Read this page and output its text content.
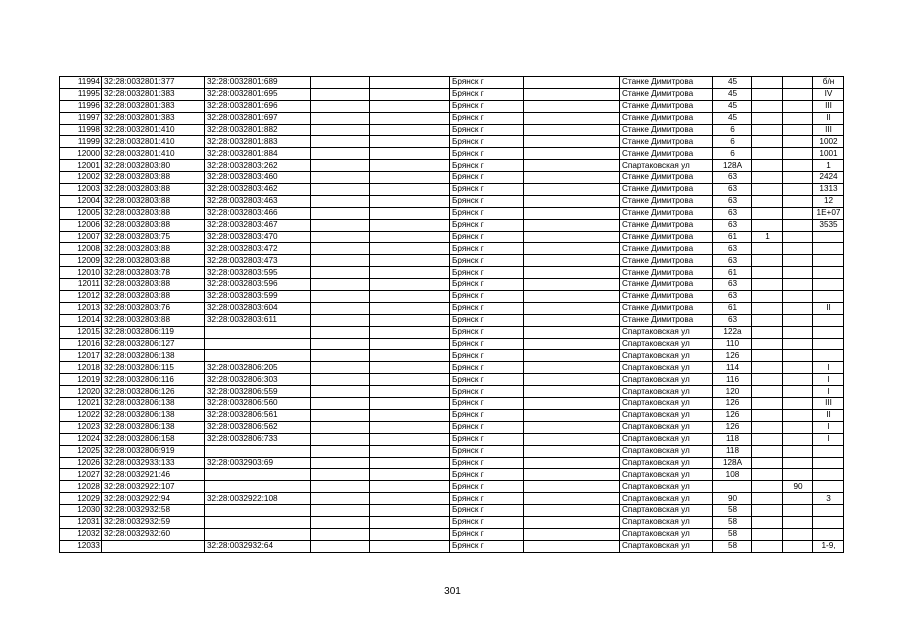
11994	32:28:0032801:377	32:28:0032801:689			Брянск г		Станке Димитрова	45			б/н
11995	32:28:0032801:383	32:28:0032801:695			Брянск г		Станке Димитрова	45			IV
11996	32:28:0032801:383	32:28:0032801:696			Брянск г		Станке Димитрова	45			III
11997	32:28:0032801:383	32:28:0032801:697			Брянск г		Станке Димитрова	45			II
11998	32:28:0032801:410	32:28:0032801:882			Брянск г		Станке Димитрова	6			III
11999	32:28:0032801:410	32:28:0032801:883			Брянск г		Станке Димитрова	6			1002
12000	32:28:0032801:410	32:28:0032801:884			Брянск г		Станке Димитрова	6			1001
12001	32:28:0032803:80	32:28:0032803:262			Брянск г		Спартаковская ул	128А			1
12002	32:28:0032803:88	32:28:0032803:460			Брянск г		Станке Димитрова	63			2424
12003	32:28:0032803:88	32:28:0032803:462			Брянск г		Станке Димитрова	63			1313
12004	32:28:0032803:88	32:28:0032803:463			Брянск г		Станке Димитрова	63			12
12005	32:28:0032803:88	32:28:0032803:466			Брянск г		Станке Димитрова	63			1E+07
12006	32:28:0032803:88	32:28:0032803:467			Брянск г		Станке Димитрова	63			3535
12007	32:28:0032803:75	32:28:0032803:470			Брянск г		Станке Димитрова	61	1		
12008	32:28:0032803:88	32:28:0032803:472			Брянск г		Станке Димитрова	63			
12009	32:28:0032803:88	32:28:0032803:473			Брянск г		Станке Димитрова	63			
12010	32:28:0032803:78	32:28:0032803:595			Брянск г		Станке Димитрова	61			
12011	32:28:0032803:88	32:28:0032803:596			Брянск г		Станке Димитрова	63			
12012	32:28:0032803:88	32:28:0032803:599			Брянск г		Станке Димитрова	63			
12013	32:28:0032803:76	32:28:0032803:604			Брянск г		Станке Димитрова	61			II
12014	32:28:0032803:88	32:28:0032803:611			Брянск г		Станке Димитрова	63			
12015	32:28:0032806:119				Брянск г		Спартаковская ул	122а			
12016	32:28:0032806:127				Брянск г		Спартаковская ул	110			
12017	32:28:0032806:138				Брянск г		Спартаковская ул	126			
12018	32:28:0032806:115	32:28:0032806:205			Брянск г		Спартаковская ул	114			I
12019	32:28:0032806:116	32:28:0032806:303			Брянск г		Спартаковская ул	116			I
12020	32:28:0032806:126	32:28:0032806:559			Брянск г		Спартаковская ул	120			I
12021	32:28:0032806:138	32:28:0032806:560			Брянск г		Спартаковская ул	126			III
12022	32:28:0032806:138	32:28:0032806:561			Брянск г		Спартаковская ул	126			II
12023	32:28:0032806:138	32:28:0032806:562			Брянск г		Спартаковская ул	126			I
12024	32:28:0032806:158	32:28:0032806:733			Брянск г		Спартаковская ул	118			I
12025	32:28:0032806:919				Брянск г		Спартаковская ул	118			
12026	32:28:0032933:133	32:28:0032903:69			Брянск г		Спартаковская ул	128А			
12027	32:28:0032921:46				Брянск г		Спартаковская ул	108			
12028	32:28:0032922:107				Брянск г		Спартаковская ул			90	
12029	32:28:0032922:94	32:28:0032922:108			Брянск г		Спартаковская ул	90			3
12030	32:28:0032932:58				Брянск г		Спартаковская ул	58			
12031	32:28:0032932:59				Брянск г		Спартаковская ул	58			
12032	32:28:0032932:60				Брянск г		Спартаковская ул	58			
12033		32:28:0032932:64			Брянск г		Спартаковская ул	58			1-9,
301
